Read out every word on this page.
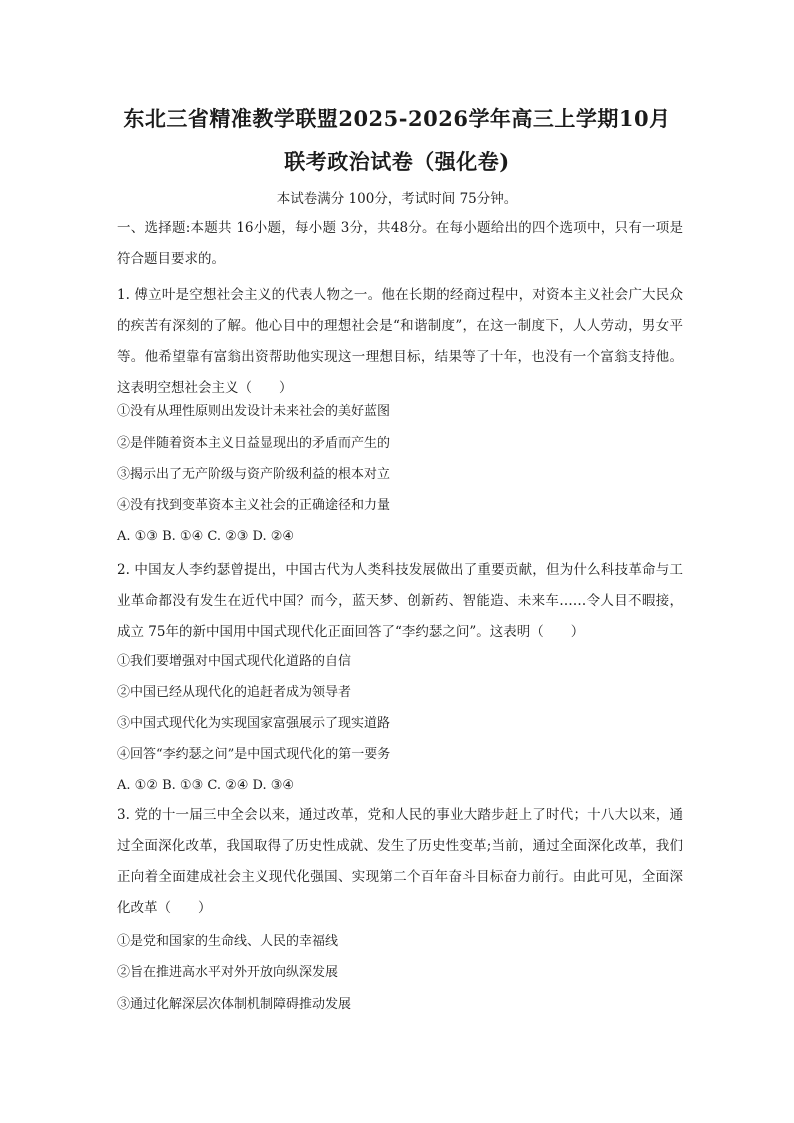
东北三省精准教学联盟2025-2026学年高三上学期10月
联考政治试卷（强化卷)
本试卷满分 100分，考试时间 75分钟。
一、选择题:本题共 16小题，每小题 3分，共48分。在每小题给出的四个选项中，只有一项是符合题目要求的。
1. 傅立叶是空想社会主义的代表人物之一。他在长期的经商过程中，对资本主义社会广大民众的疾苦有深刻的了解。他心目中的理想社会是“和谐制度”，在这一制度下，人人劳动，男女平等。他希望靠有富翁出资帮助他实现这一理想目标，结果等了十年，也没有一个富翁支持他。这表明空想社会主义（　　）
①没有从理性原则出发设计未来社会的美好蓝图
②是伴随着资本主义日益显现出的矛盾而产生的
③揭示出了无产阶级与资产阶级利益的根本对立
④没有找到变革资本主义社会的正确途径和力量
A. ①③ B. ①④ C. ②③ D. ②④
2. 中国友人李约瑟曾提出，中国古代为人类科技发展做出了重要贡献，但为什么科技革命与工业革命都没有发生在近代中国？而今，蓝天梦、创新药、智能造、未来车……令人目不暇接，成立 75年的新中国用中国式现代化正面回答了“李约瑟之问”。这表明（　　）
①我们要增强对中国式现代化道路的自信
②中国已经从现代化的追赶者成为领导者
③中国式现代化为实现国家富强展示了现实道路
④回答“李约瑟之问”是中国式现代化的第一要务
A. ①② B. ①③ C. ②④ D. ③④
3. 党的十一届三中全会以来，通过改革，党和人民的事业大踏步赶上了时代；十八大以来，通过全面深化改革，我国取得了历史性成就、发生了历史性变革;当前，通过全面深化改革，我们正向着全面建成社会主义现代化强国、实现第二个百年奋斗目标奋力前行。由此可见，全面深化改革（　　）
①是党和国家的生命线、人民的幸福线
②旨在推进高水平对外开放向纵深发展
③通过化解深层次体制机制障碍推动发展
